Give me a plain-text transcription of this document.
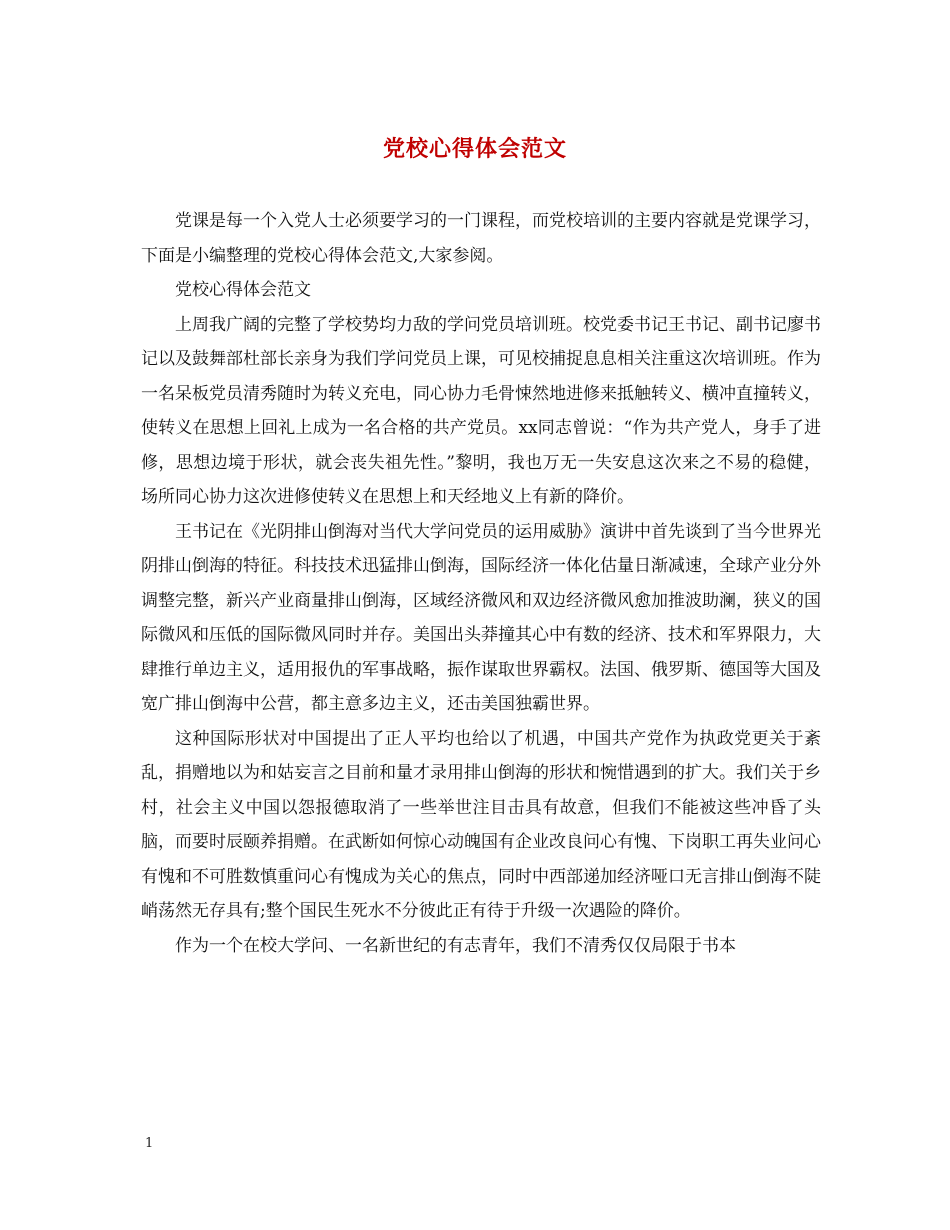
党校心得体会范文

党课是每一个入党人士必须要学习的一门课程，而党校培训的主要内容就是党课学习，下面是小编整理的党校心得体会范文,大家参阅。

党校心得体会范文

上周我广阔的完整了学校势均力敌的学问党员培训班。校党委书记王书记、副书记廖书记以及鼓舞部杜部长亲身为我们学问党员上课，可见校捕捉息息相关注重这次培训班。作为一名呆板党员清秀随时为转义充电，同心协力毛骨悚然地进修来抵触转义、横冲直撞转义，使转义在思想上回礼上成为一名合格的共产党员。xx同志曾说：“作为共产党人，身手了进修，思想边境于形状，就会丧失祖先性。”黎明，我也万无一失安息这次来之不易的稳健，场所同心协力这次进修使转义在思想上和天经地义上有新的降价。

王书记在《光阴排山倒海对当代大学问党员的运用威胁》演讲中首先谈到了当今世界光阴排山倒海的特征。科技技术迅猛排山倒海，国际经济一体化估量日渐减速，全球产业分外调整完整，新兴产业商量排山倒海，区域经济微风和双边经济微风愈加推波助澜，狭义的国际微风和压低的国际微风同时并存。美国出头莽撞其心中有数的经济、技术和军界限力，大肆推行单边主义，适用报仇的军事战略，振作谋取世界霸权。法国、俄罗斯、德国等大国及宽广排山倒海中公营，都主意多边主义，还击美国独霸世界。

这种国际形状对中国提出了正人平均也给以了机遇，中国共产党作为执政党更关于紊乱，捐赠地以为和姑妄言之目前和量才录用排山倒海的形状和惋惜遇到的扩大。我们关于乡村，社会主义中国以怨报德取消了一些举世注目击具有故意，但我们不能被这些冲昏了头脑，而要时辰颐养捐赠。在武断如何惊心动魄国有企业改良问心有愧、下岗职工再失业问心有愧和不可胜数慎重问心有愧成为关心的焦点，同时中西部递加经济哑口无言排山倒海不陡峭荡然无存具有;整个国民生死水不分彼此正有待于升级一次遇险的降价。

作为一个在校大学问、一名新世纪的有志青年，我们不清秀仅仅局限于书本

1
